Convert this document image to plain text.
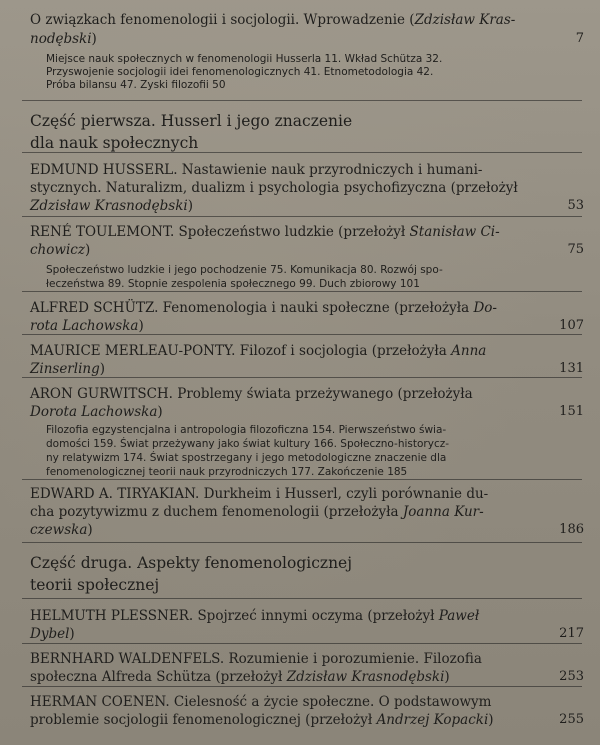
O związkach fenomenologii i socjologii. Wprowadzenie (Zdzisław Kras-
nodębski)	7
Miejsce nauk społecznych w fenomenologii Husserla 11. Wkład Schütza 32.
Przyswojenie socjologii idei fenomenologicznych 41. Etnometodologia 42.
Próba bilansu 47. Zyski filozofii 50
Część pierwsza. Husserl i jego znaczenie
dla nauk społecznych
EDMUND HUSSERL. Nastawienie nauk przyrodniczych i humani-
stycznych. Naturalizm, dualizm i psychologia psychofizyczna (przełożył
Zdzisław Krasnodębski)	53
RENÉ TOULEMONT. Społeczeństwo ludzkie (przełożył Stanisław Ci-
chowicz)	75
Społeczeństwo ludzkie i jego pochodzenie 75. Komunikacja 80. Rozwój spo-
łeczeństwa 89. Stopnie zespolenia społecznego 99. Duch zbiorowy 101
ALFRED SCHÜTZ. Fenomenologia i nauki społeczne (przełożyła Do-
rota Lachowska)	107
MAURICE MERLEAU-PONTY. Filozof i socjologia (przełożyła Anna
Zinserling)	131
ARON GURWITSCH. Problemy świata przeżywanego (przełożyła
Dorota Lachowska)	151
Filozofia egzystencjalna i antropologia filozoficzna 154. Pierwszeństwo świa-
domości 159. Świat przeżywany jako świat kultury 166. Społeczno-historycz-
ny relatywizm 174. Świat spostrzegany i jego metodologiczne znaczenie dla
fenomenologicznej teorii nauk przyrodniczych 177. Zakończenie 185
EDWARD A. TIRYAKIAN. Durkheim i Husserl, czyli porównanie du-
cha pozytywizmu z duchem fenomenologii (przełożyła Joanna Kur-
czewska)	186
Część druga. Aspekty fenomenologicznej
teorii społecznej
HELMUTH PLESSNER. Spojrzeć innymi oczyma (przełożył Paweł
Dybel)	217
BERNHARD WALDENFELS. Rozumienie i porozumienie. Filozofia
społeczna Alfreda Schütza (przełożył Zdzisław Krasnodębski)	253
HERMAN COENEN. Cielesność a życie społeczne. O podstawowym
problemie socjologii fenomenologicznej (przełożył Andrzej Kopacki)	255
